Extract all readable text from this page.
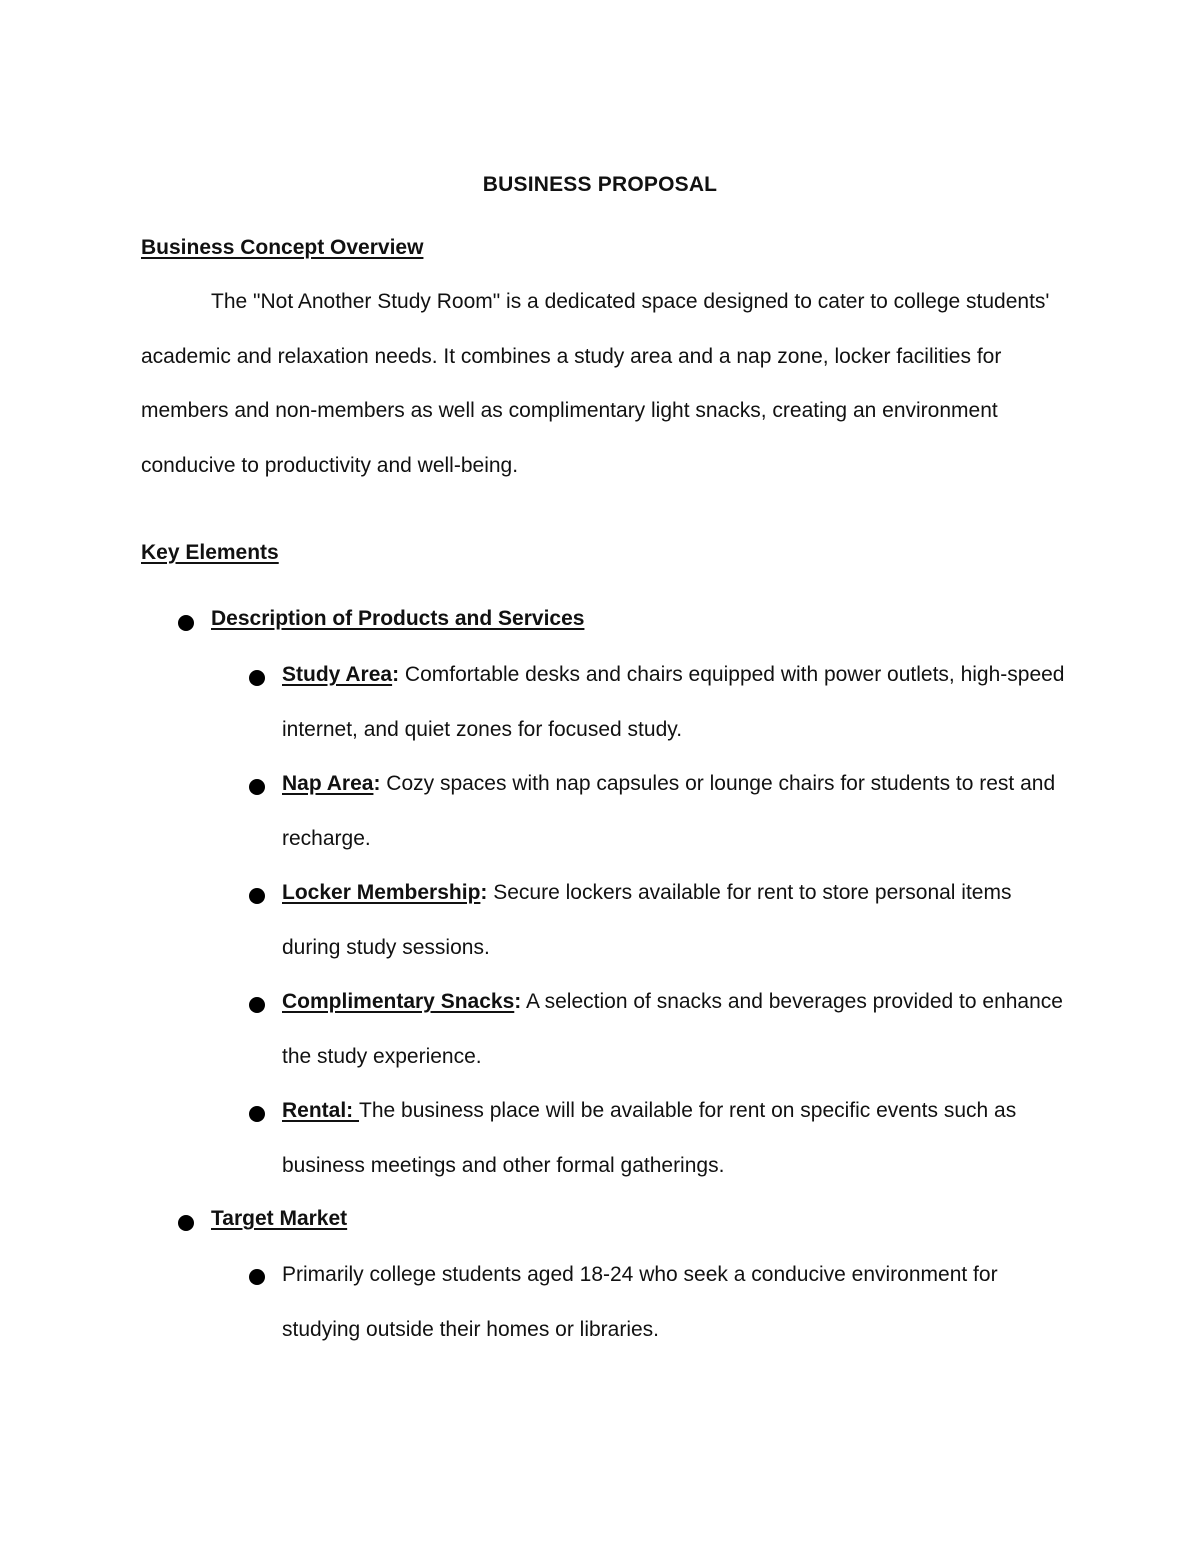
BUSINESS PROPOSAL
Business Concept Overview
The "Not Another Study Room" is a dedicated space designed to cater to college students' academic and relaxation needs. It combines a study area and a nap zone, locker facilities for members and non-members as well as complimentary light snacks, creating an environment conducive to productivity and well-being.
Key Elements
Description of Products and Services
Study Area: Comfortable desks and chairs equipped with power outlets, high-speed internet, and quiet zones for focused study.
Nap Area: Cozy spaces with nap capsules or lounge chairs for students to rest and recharge.
Locker Membership: Secure lockers available for rent to store personal items during study sessions.
Complimentary Snacks: A selection of snacks and beverages provided to enhance the study experience.
Rental: The business place will be available for rent on specific events such as business meetings and other formal gatherings.
Target Market
Primarily college students aged 18-24 who seek a conducive environment for studying outside their homes or libraries.
